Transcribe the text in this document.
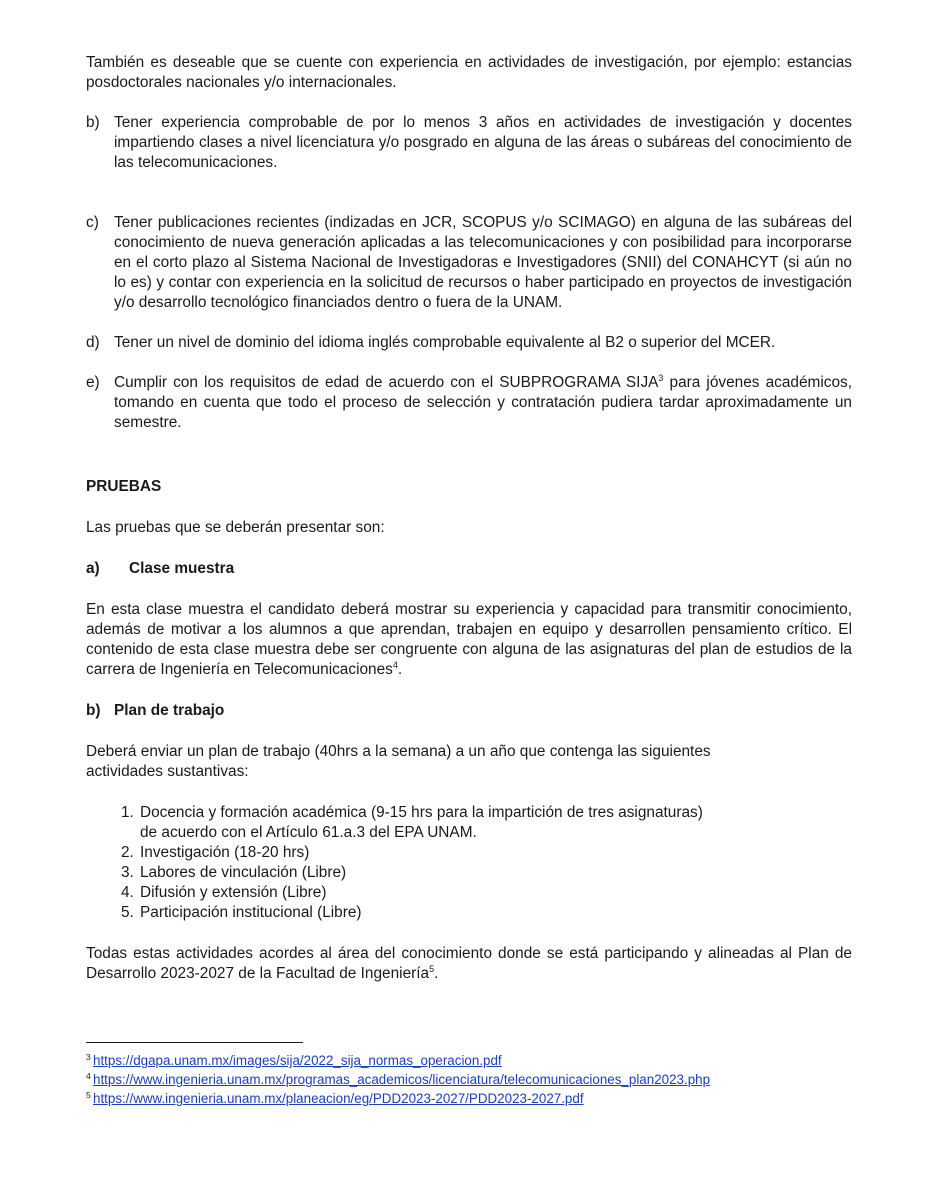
También es deseable que se cuente con experiencia en actividades de investigación, por ejemplo: estancias posdoctorales nacionales y/o internacionales.

b) Tener experiencia comprobable de por lo menos 3 años en actividades de investigación y docentes impartiendo clases a nivel licenciatura y/o posgrado en alguna de las áreas o subáreas del conocimiento de las telecomunicaciones.
c) Tener publicaciones recientes (indizadas en JCR, SCOPUS y/o SCIMAGO) en alguna de las subáreas del conocimiento de nueva generación aplicadas a las telecomunicaciones y con posibilidad para incorporarse en el corto plazo al Sistema Nacional de Investigadoras e Investigadores (SNII) del CONAHCYT (si aún no lo es) y contar con experiencia en la solicitud de recursos o haber participado en proyectos de investigación y/o desarrollo tecnológico financiados dentro o fuera de la UNAM.
d) Tener un nivel de dominio del idioma inglés comprobable equivalente al B2 o superior del MCER.
e) Cumplir con los requisitos de edad de acuerdo con el SUBPROGRAMA SIJA$^3$ para jóvenes académicos, tomando en cuenta que todo el proceso de selección y contratación pudiera tardar aproximadamente un semestre.
PRUEBAS

Las pruebas que se deberán presentar son:

a)	Clase muestra

En esta clase muestra el candidato deberá mostrar su experiencia y capacidad para transmitir conocimiento, además de motivar a los alumnos a que aprendan, trabajen en equipo y desarrollen pensamiento crítico. El contenido de esta clase muestra debe ser congruente con alguna de las asignaturas del plan de estudios de la carrera de Ingeniería en Telecomunicaciones$^4$.

b) Plan de trabajo

Deberá enviar un plan de trabajo (40hrs a la semana) a un año que contenga las siguientes actividades sustantivas:

1. Docencia y formación académica (9-15 hrs para la impartición de tres asignaturas)
de acuerdo con el Artículo 61.a.3 del EPA UNAM.
2. Investigación (18-20 hrs)
3. Labores de vinculación (Libre)
4. Difusión y extensión (Libre)
5. Participación institucional (Libre)

Todas estas actividades acordes al área del conocimiento donde se está participando y alineadas al Plan de Desarrollo 2023-2027 de la Facultad de Ingeniería$^5$.

3 https://dgapa.unam.mx/images/sija/2022_sija_normas_operacion.pdf
4 https://www.ingenieria.unam.mx/programas_academicos/licenciatura/telecomunicaciones_plan2023.php
5 https://www.ingenieria.unam.mx/planeacion/eg/PDD2023-2027/PDD2023-2027.pdf
